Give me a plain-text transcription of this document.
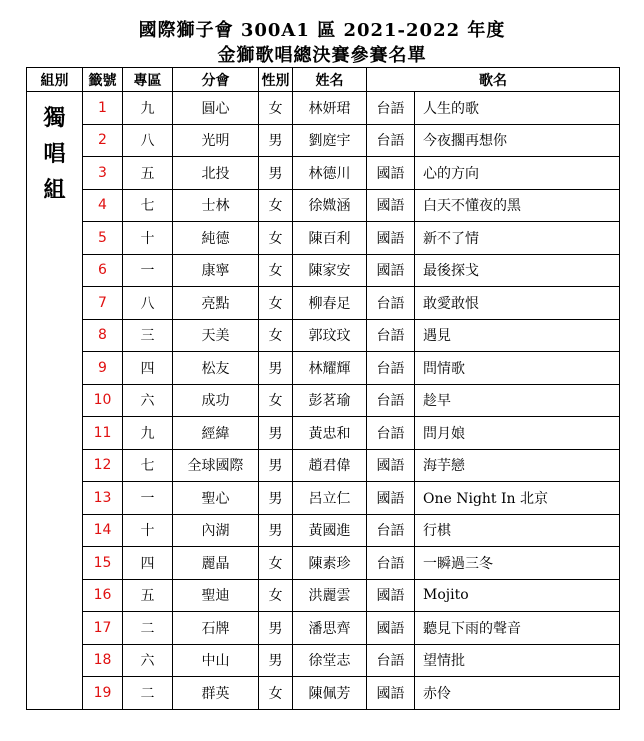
國際獅子會 300A1 區 2021-2022 年度
金獅歌唱總決賽參賽名單
組別	籤號	專區	分會	性別	姓名	歌名	

獨
唱
組	1	九	圓心	女	林妍珺	台語	人生的歌
	2	八	光明	男	劉庭宇	台語	今夜擱再想你
	3	五	北投	男	林德川	國語	心的方向
	4	七	士林	女	徐媺涵	國語	白天不懂夜的黑
	5	十	純德	女	陳百利	國語	新不了情
	6	一	康寧	女	陳家安	國語	最後探戈
	7	八	亮點	女	柳春足	台語	敢愛敢恨
	8	三	天美	女	郭玟玟	台語	遇見
	9	四	松友	男	林耀輝	台語	問情歌
	10	六	成功	女	彭茗瑜	台語	趁早
	11	九	經緯	男	黃忠和	台語	問月娘
	12	七	全球國際	男	趙君偉	國語	海芋戀
	13	一	聖心	男	呂立仁	國語	One Night In 北京
	14	十	內湖	男	黃國進	台語	行棋
	15	四	麗晶	女	陳素珍	台語	一瞬過三冬
	16	五	聖迪	女	洪麗雲	國語	Mojito
	17	二	石牌	男	潘思齊	國語	聽見下雨的聲音
	18	六	中山	男	徐堂志	台語	望情批
	19	二	群英	女	陳佩芳	國語	赤伶
